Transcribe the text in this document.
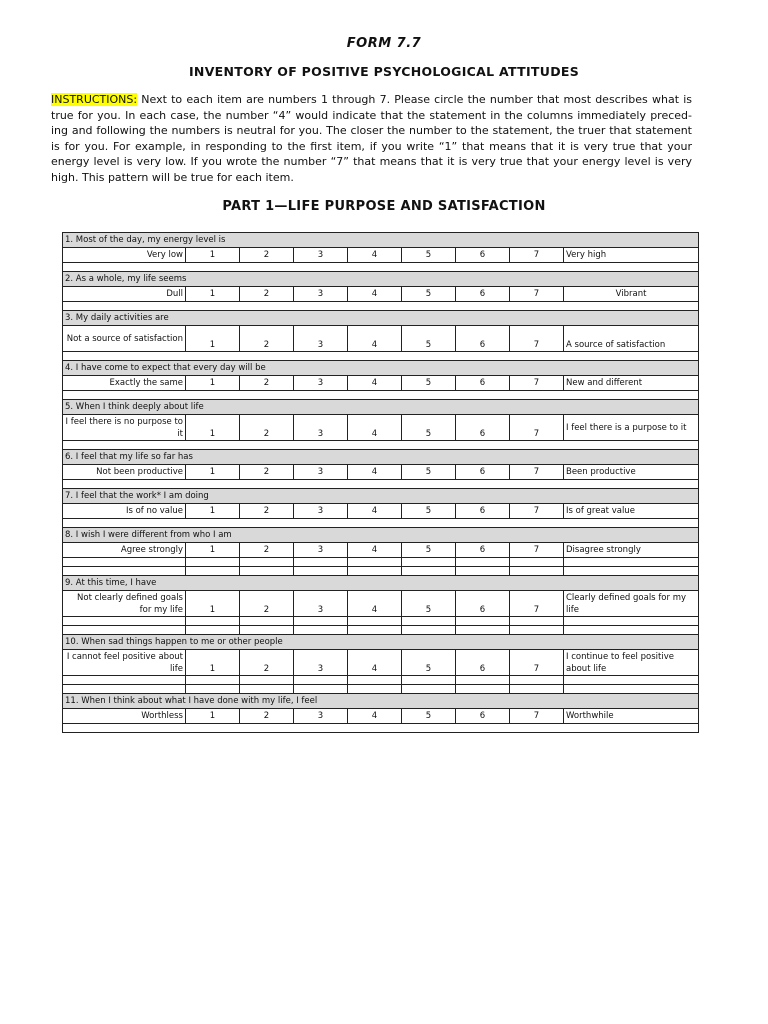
FORM 7.7
INVENTORY OF POSITIVE PSYCHOLOGICAL ATTITUDES

INSTRUCTIONS: Next to each item are numbers 1 through 7. Please circle the number that most describes what is true for you. In each case, the number “4” would indicate that the statement in the columns immediately preced- ing and following the numbers is neutral for you. The closer the number to the statement, the truer that statement is for you. For example, in responding to the first item, if you write “1” that means that it is very true that your energy level is very low. If you wrote the number “7” that means that it is very true that your energy level is very high. This pattern will be true for each item.

PART 1—LIFE PURPOSE AND SATISFACTION
1. Most of the day, my energy level is								
Very low	1	2	3	4	5	6	7	Very high

2. As a whole, my life seems								
Dull	1	2	3	4	5	6	7	Vibrant

3. My daily activities are								
Not a source of satisfaction	1	2	3	4	5	6	7	A source of satisfaction

4. I have come to expect that every day will be								
Exactly the same	1	2	3	4	5	6	7	New and different

5. When I think deeply about life								
I feel there is no purpose to it	1	2	3	4	5	6	7	I feel there is a purpose to it

6. I feel that my life so far has								
Not been productive	1	2	3	4	5	6	7	Been productive

7. I feel that the work* I am doing								
Is of no value	1	2	3	4	5	6	7	Is of great value

8. I wish I were different from who I am								
Agree strongly	1	2	3	4	5	6	7	Disagree strongly

9. At this time, I have								
Not clearly defined goals for my life	1	2	3	4	5	6	7	Clearly defined goals for my life

10. When sad things happen to me or other people								
I cannot feel positive about life	1	2	3	4	5	6	7	I continue to feel positive about life

11. When I think about what I have done with my life, I feel								
Worthless	1	2	3	4	5	6	7	Worthwhile
